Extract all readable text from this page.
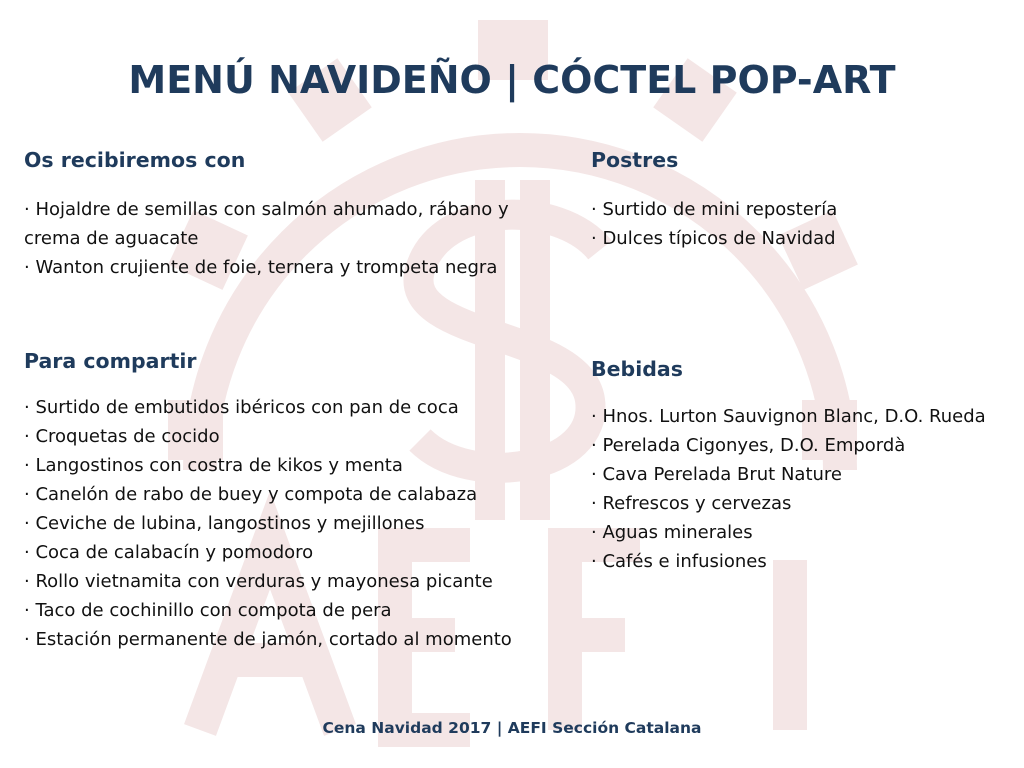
MENÚ NAVIDEÑO | CÓCTEL POP-ART
Os recibiremos con
· Hojaldre de semillas con salmón ahumado, rábano y crema de aguacate
· Wanton crujiente de foie, ternera y trompeta negra
Para compartir
· Surtido de embutidos ibéricos con pan de coca
· Croquetas de cocido
· Langostinos con costra de kikos y menta
· Canelón de rabo de buey y compota de calabaza
· Ceviche de lubina, langostinos y mejillones
· Coca de calabacín y pomodoro
· Rollo vietnamita con verduras y mayonesa picante
· Taco de cochinillo con compota de pera
· Estación permanente de jamón, cortado al momento
Postres
· Surtido de mini repostería
· Dulces típicos de Navidad
Bebidas
· Hnos. Lurton Sauvignon Blanc, D.O. Rueda
· Perelada Cigonyes, D.O. Empordà
· Cava Perelada Brut Nature
· Refrescos y cervezas
· Aguas minerales
· Cafés e infusiones

Cena Navidad 2017 | AEFI Sección Catalana
